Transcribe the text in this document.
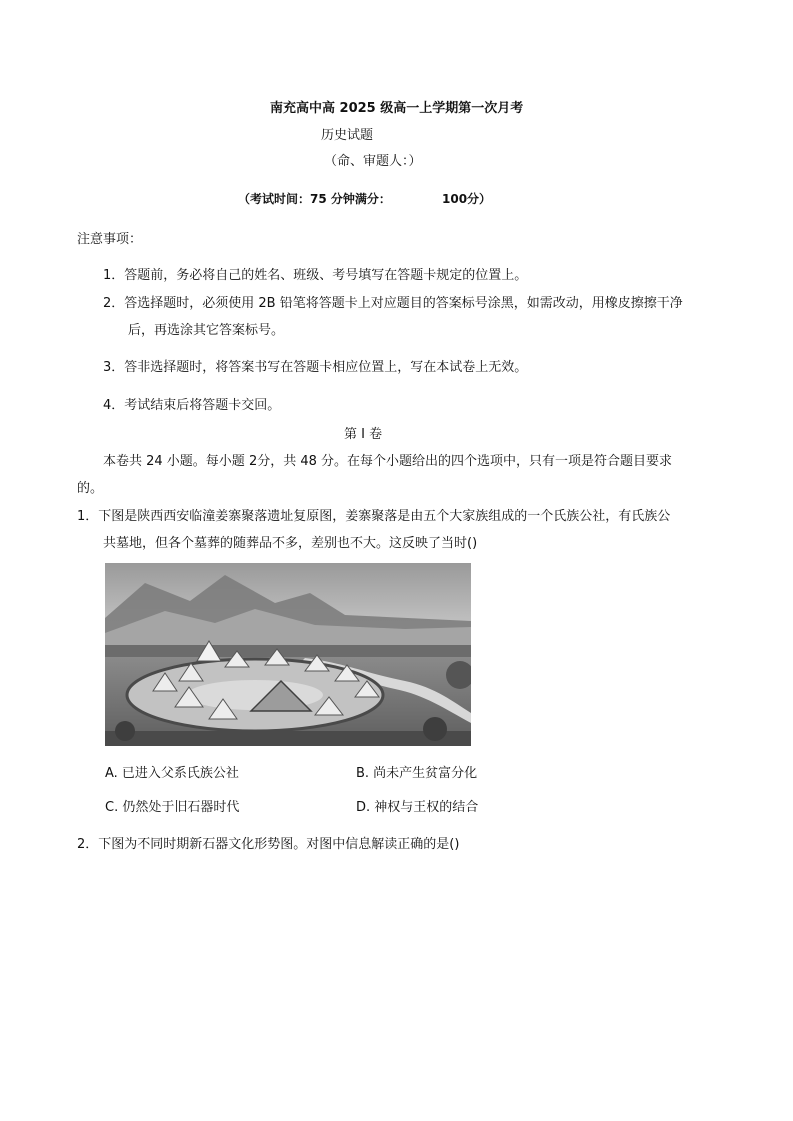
南充高中高 2025 级高一上学期第一次月考
历史试题
（命、审题人：）
（考试时间：75 分钟满分：	100分）
注意事项：
1．答题前，务必将自己的姓名、班级、考号填写在答题卡规定的位置上。
2．答选择题时，必须使用 2B 铅笔将答题卡上对应题目的答案标号涂黑，如需改动，用橡皮擦擦干净
后，再选涂其它答案标号。
3．答非选择题时，将答案书写在答题卡相应位置上，写在本试卷上无效。
4．考试结束后将答题卡交回。
第 I 卷
本卷共 24 小题。每小题 2分，共 48 分。在每个小题给出的四个选项中，只有一项是符合题目要求
的。
1．下图是陕西西安临潼姜寨聚落遗址复原图，姜寨聚落是由五个大家族组成的一个氏族公社，有氏族公
共墓地，但各个墓葬的随葬品不多，差别也不大。这反映了当时()
A. 已进入父系氏族公社	B. 尚未产生贫富分化
C. 仍然处于旧石器时代	D. 神权与王权的结合
2．下图为不同时期新石器文化形势图。对图中信息解读正确的是()
